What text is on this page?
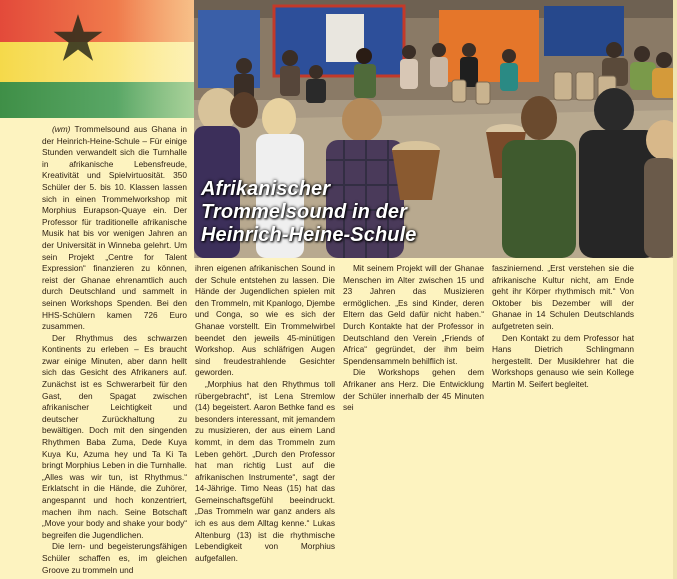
Afrikanischer
Trommelsound in der
Heinrich-Heine-Schule

(wm) Trommelsound aus Ghana in der Heinrich-Heine-Schule – Für einige Stunden verwandelt sich die Turnhalle in afrikanische Lebensfreude, Kreativität und Spielvirtuosität. 350 Schüler der 5. bis 10. Klassen lassen sich in einen Trommelworkshop mit Morphius Eurapson-Quaye ein. Der Professor für traditionelle afrikanische Musik hat bis vor wenigen Jahren an der Universität in Winneba gelehrt. Um sein Projekt „Centre for Talent Expression“ finanzieren zu können, reist der Ghanae ehrenamtlich auch durch Deutschland und sammelt in seinen Workshops Spenden. Bei den HHS-Schülern kamen 726 Euro zusammen.

Der Rhythmus des schwarzen Kontinents zu erleben – Es braucht zwar einige Minuten, aber dann hellt sich das Gesicht des Afrikaners auf. Zunächst ist es Schwerarbeit für den Gast, den Spagat zwischen afrikanischer Leichtigkeit und deutscher Zurückhaltung zu bewältigen. Doch mit den singenden Rhythmen Baba Zuma, Dede Kuya Kuya Ku, Azuma hey und Ta Ki Ta bringt Morphius Leben in die Turnhalle. „Alles was wir tun, ist Rhythmus.“ Erklatscht in die Hände, die Zuhörer, angespannt und hoch konzentriert, machen ihm nach. Seine Botschaft „Move your body and shake your body“ begreifen die Jugendlichen.

Die lern- und begeisterungsfähigen Schüler schaffen es, im gleichen Groove zu trommeln und

ihren eigenen afrikanischen Sound in der Schule entstehen zu lassen. Die Hände der Jugendlichen spielen mit den Trommeln, mit Kpanlogo, Djembe und Conga, so wie es sich der Ghanae vorstellt. Ein Trommelwirbel beendet den jeweils 45-minütigen Workshop. Aus schläfrigen Augen sind freudestrahlende Gesichter geworden.

„Morphius hat den Rhythmus toll rübergebracht“, ist Lena Stremlow (14) begeistert. Aaron Bethke fand es besonders interessant, mit jemandem zu musizieren, der aus einem Land kommt, in dem das Trommeln zum Leben gehört. „Durch den Professor hat man richtig Lust auf die afrikanischen Instrumente“, sagt der 14-Jährige. Timo Neas (15) hat das Gemeinschaftsgefühl beeindruckt. „Das Trommeln war ganz anders als ich es aus dem Alltag kenne.“ Lukas Altenburg (13) ist die rhythmische Lebendigkeit von Morphius aufgefallen.

Mit seinem Projekt will der Ghanae Menschen im Alter zwischen 15 und 23 Jahren das Musizieren ermöglichen. „Es sind Kinder, deren Eltern das Geld dafür nicht haben.“ Durch Kontakte hat der Professor in Deutschland den Verein „Friends of Africa“ gegründet, der ihm beim Spendensammeln behilflich ist.

Die Workshops gehen dem Afrikaner ans Herz. Die Entwicklung der Schüler innerhalb der 45 Minuten sei

fasziniernend. „Erst verstehen sie die afrikanische Kultur nicht, am Ende geht ihr Körper rhythmisch mit.“ Von Oktober bis Dezember will der Ghanae in 14 Schulen Deutschlands aufgetreten sein.

Den Kontakt zu dem Professor hat Hans Dietrich Schlingmann hergestellt. Der Musiklehrer hat die Workshops genauso wie sein Kollege Martin M. Seifert begleitet.
